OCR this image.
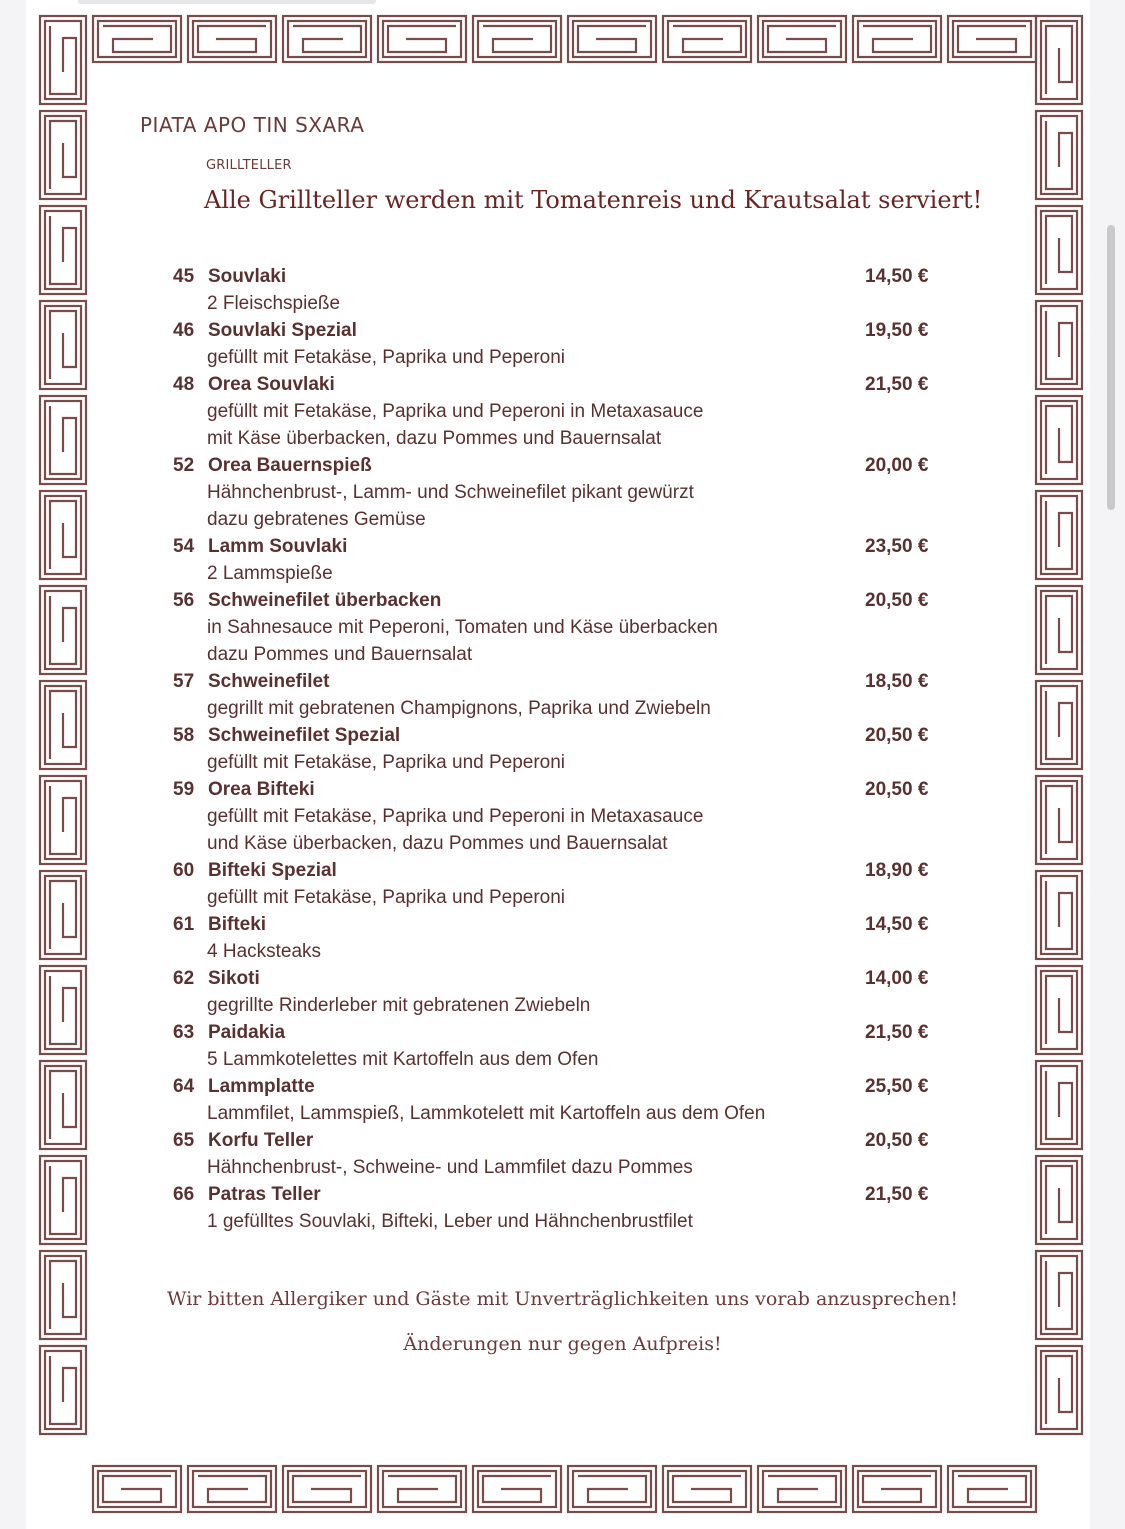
PIATA APO TIN SXARA
GRILLTELLER
Alle Grillteller werden mit Tomatenreis und Krautsalat serviert!
45 Souvlaki	14,50 €
2 Fleischspieße
46 Souvlaki Spezial	19,50 €
gefüllt mit Fetakäse, Paprika und Peperoni
48 Orea Souvlaki	21,50 €
gefüllt mit Fetakäse, Paprika und Peperoni in Metaxasauce
mit Käse überbacken, dazu Pommes und Bauernsalat
52 Orea Bauernspieß	20,00 €
Hähnchenbrust-, Lamm- und Schweinefilet pikant gewürzt
dazu gebratenes Gemüse
54 Lamm Souvlaki	23,50 €
2 Lammspieße
56 Schweinefilet überbacken	20,50 €
in Sahnesauce mit Peperoni, Tomaten und Käse überbacken
dazu Pommes und Bauernsalat
57 Schweinefilet	18,50 €
gegrillt mit gebratenen Champignons, Paprika und Zwiebeln
58 Schweinefilet Spezial	20,50 €
gefüllt mit Fetakäse, Paprika und Peperoni
59 Orea Bifteki	20,50 €
gefüllt mit Fetakäse, Paprika und Peperoni in Metaxasauce
und Käse überbacken, dazu Pommes und Bauernsalat
60 Bifteki Spezial	18,90 €
gefüllt mit Fetakäse, Paprika und Peperoni
61 Bifteki	14,50 €
4 Hacksteaks
62 Sikoti	14,00 €
gegrillte Rinderleber mit gebratenen Zwiebeln
63 Paidakia	21,50 €
5 Lammkotelettes mit Kartoffeln aus dem Ofen
64 Lammplatte	25,50 €
Lammfilet, Lammspieß, Lammkotelett mit Kartoffeln aus dem Ofen
65 Korfu Teller	20,50 €
Hähnchenbrust-, Schweine- und Lammfilet dazu Pommes
66 Patras Teller	21,50 €
1 gefülltes Souvlaki, Bifteki, Leber und Hähnchenbrustfilet
Wir bitten Allergiker und Gäste mit Unverträglichkeiten uns vorab anzusprechen!
Änderungen nur gegen Aufpreis!
